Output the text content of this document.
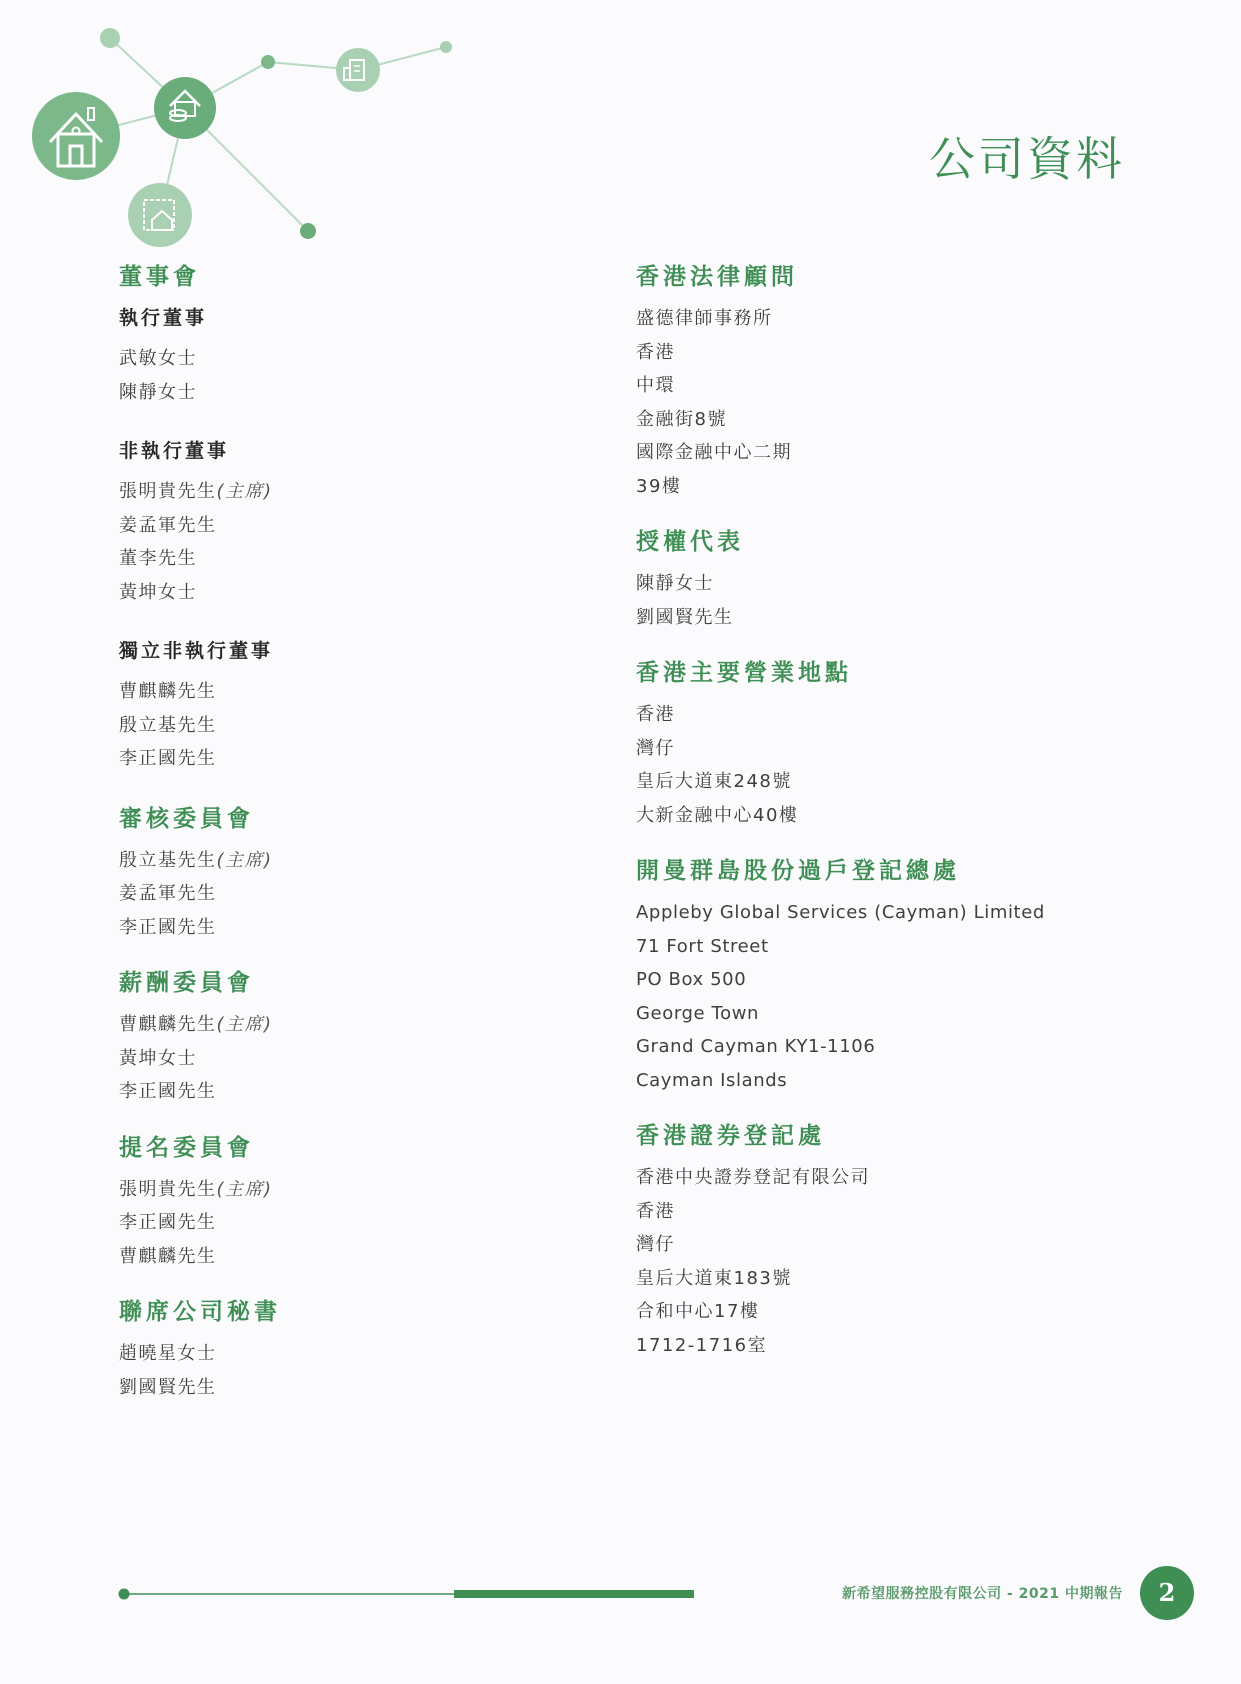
公司資料
董事會
執行董事
武敏女士
陳靜女士
非執行董事
張明貴先生(主席)
姜孟軍先生
董李先生
黃坤女士
獨立非執行董事
曹麒麟先生
殷立基先生
李正國先生
審核委員會
殷立基先生(主席)
姜孟軍先生
李正國先生
薪酬委員會
曹麒麟先生(主席)
黃坤女士
李正國先生
提名委員會
張明貴先生(主席)
李正國先生
曹麒麟先生
聯席公司秘書
趙曉星女士
劉國賢先生
香港法律顧問
盛德律師事務所
香港
中環
金融街8號
國際金融中心二期
39樓
授權代表
陳靜女士
劉國賢先生
香港主要營業地點
香港
灣仔
皇后大道東248號
大新金融中心40樓
開曼群島股份過戶登記總處
Appleby Global Services (Cayman) Limited
71 Fort Street
PO Box 500
George Town
Grand Cayman KY1-1106
Cayman Islands
香港證券登記處
香港中央證券登記有限公司
香港
灣仔
皇后大道東183號
合和中心17樓
1712-1716室
新希望服務控股有限公司 - 2021 中期報告	2
